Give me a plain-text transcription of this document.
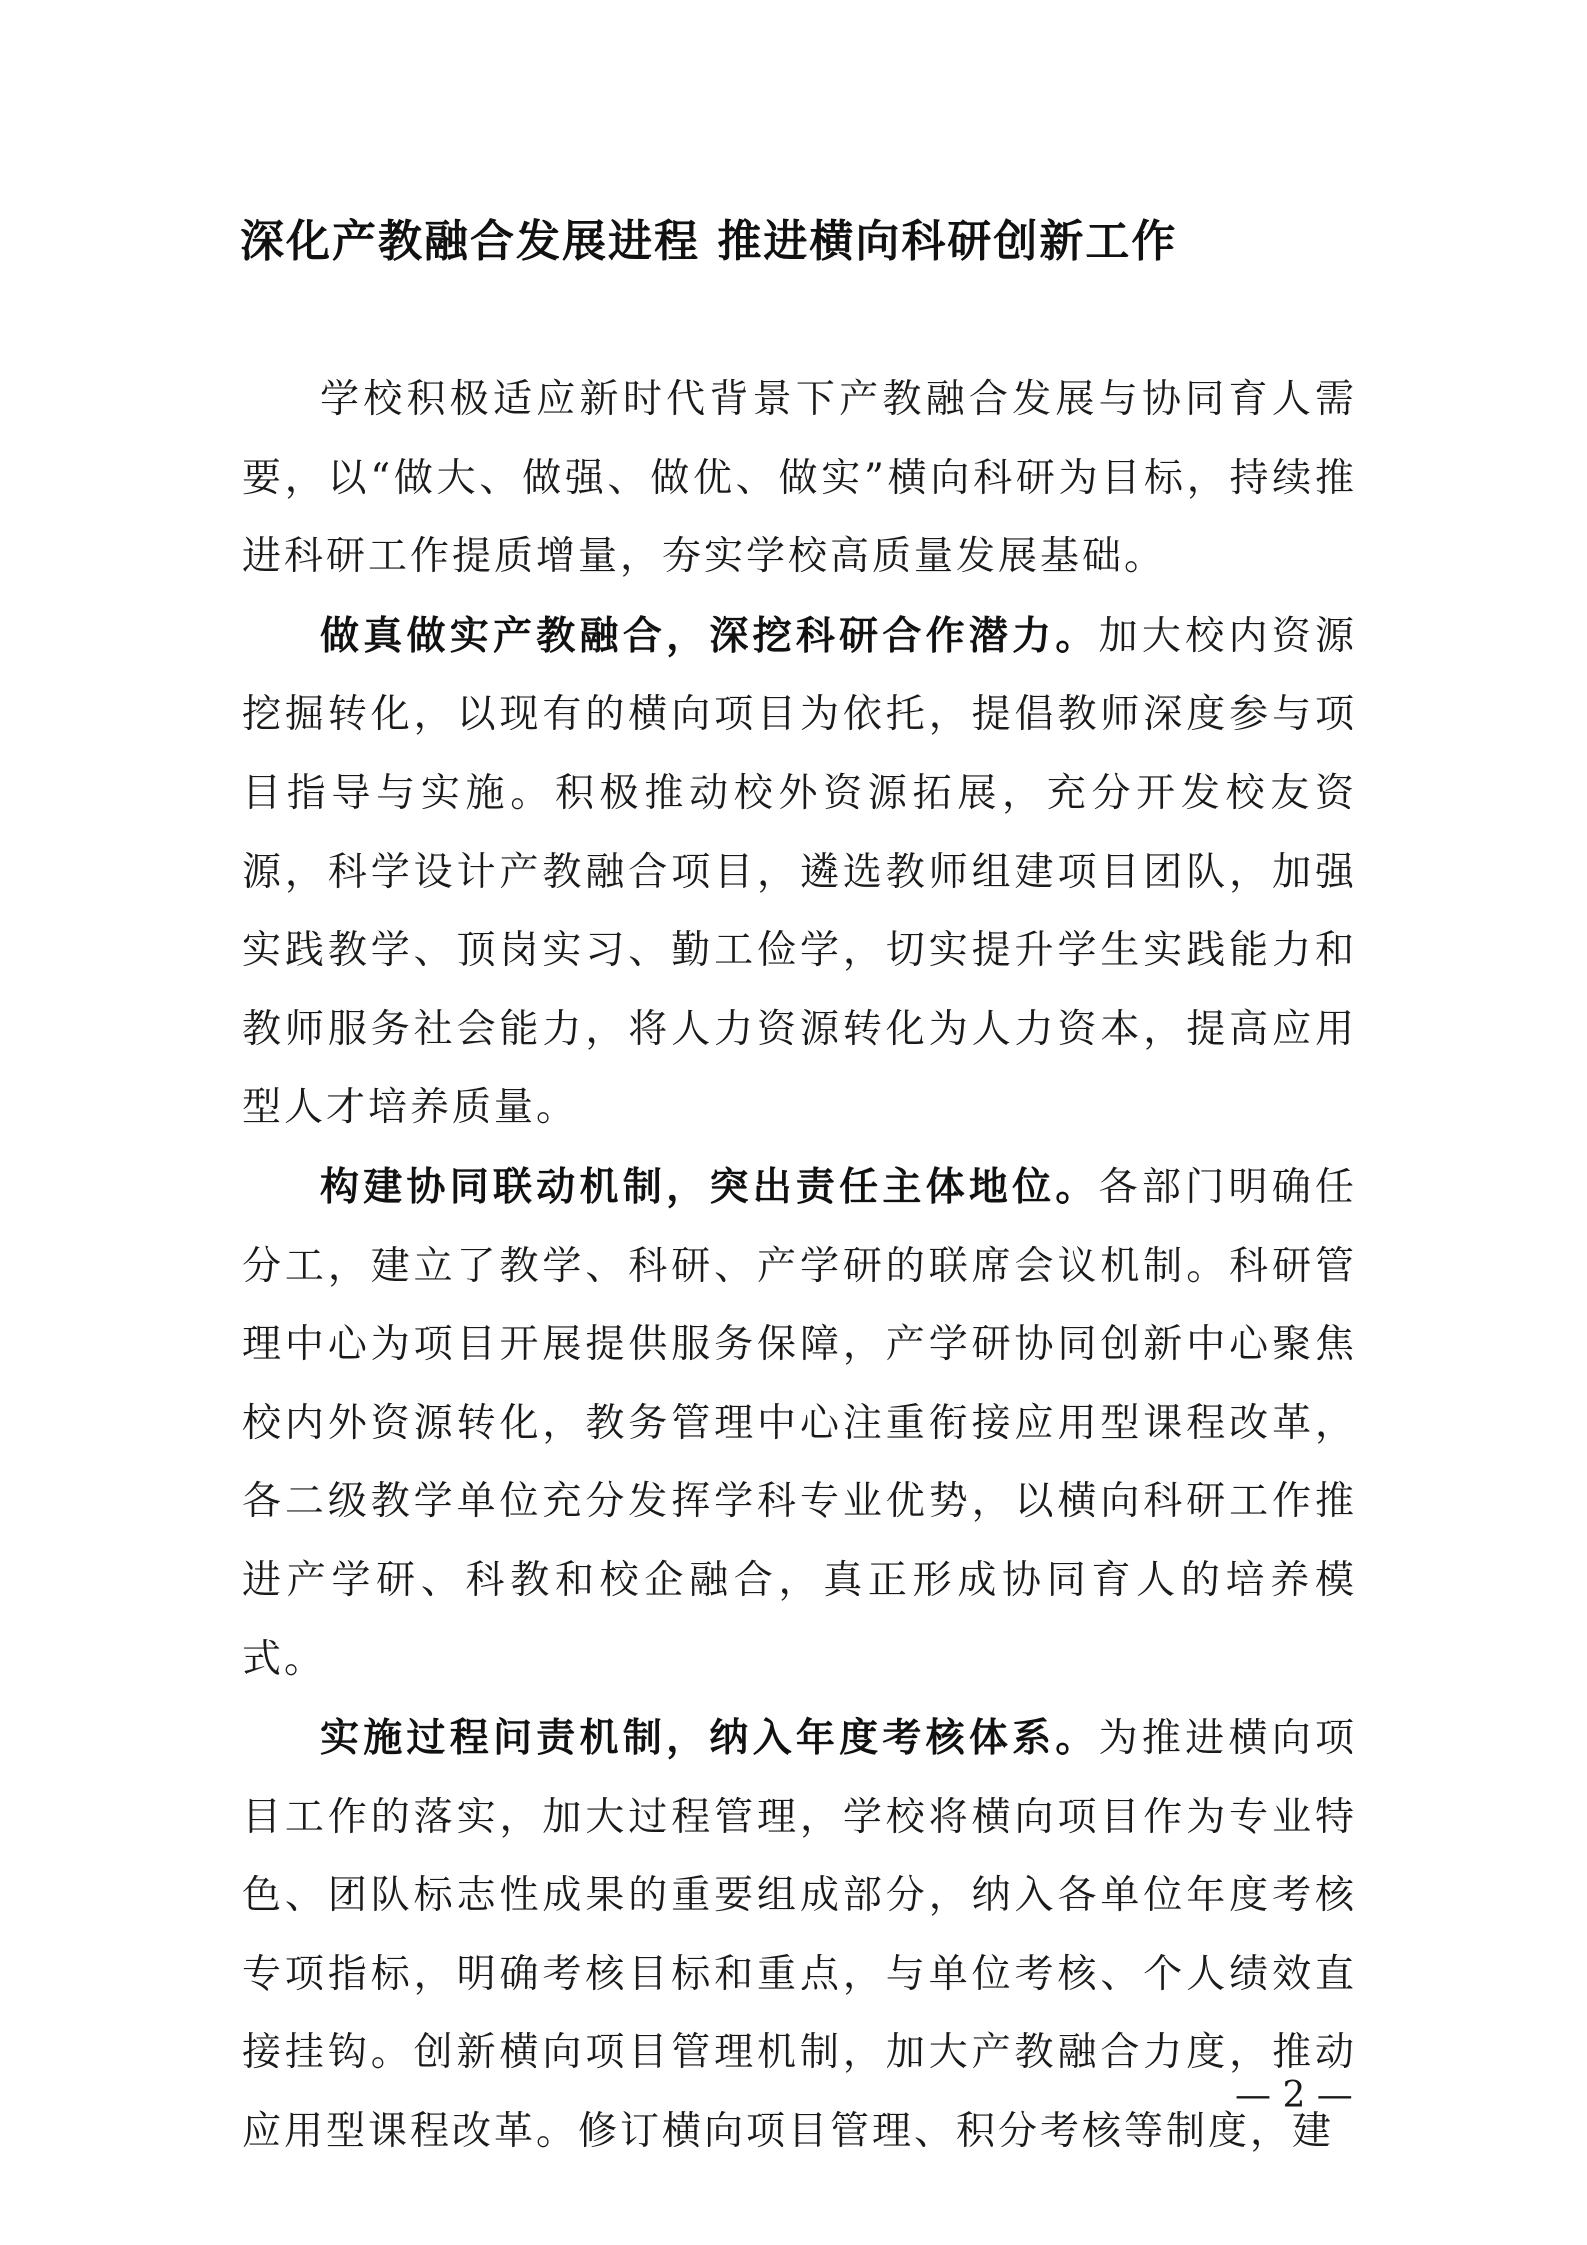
深化产教融合发展进程 推进横向科研创新工作

学校积极适应新时代背景下产教融合发展与协同育人需要，以“做大、做强、做优、做实”横向科研为目标，持续推进科研工作提质增量，夯实学校高质量发展基础。

做真做实产教融合，深挖科研合作潜力。加大校内资源挖掘转化，以现有的横向项目为依托，提倡教师深度参与项目指导与实施。积极推动校外资源拓展，充分开发校友资源，科学设计产教融合项目，遴选教师组建项目团队，加强实践教学、顶岗实习、勤工俭学，切实提升学生实践能力和教师服务社会能力，将人力资源转化为人力资本，提高应用型人才培养质量。

构建协同联动机制，突出责任主体地位。各部门明确任分工，建立了教学、科研、产学研的联席会议机制。科研管理中心为项目开展提供服务保障，产学研协同创新中心聚焦校内外资源转化，教务管理中心注重衔接应用型课程改革，各二级教学单位充分发挥学科专业优势，以横向科研工作推进产学研、科教和校企融合，真正形成协同育人的培养模式。

实施过程问责机制，纳入年度考核体系。为推进横向项目工作的落实，加大过程管理，学校将横向项目作为专业特色、团队标志性成果的重要组成部分，纳入各单位年度考核专项指标，明确考核目标和重点，与单位考核、个人绩效直接挂钩。创新横向项目管理机制，加大产教融合力度，推动应用型课程改革。修订横向项目管理、积分考核等制度，建

— 2 —
